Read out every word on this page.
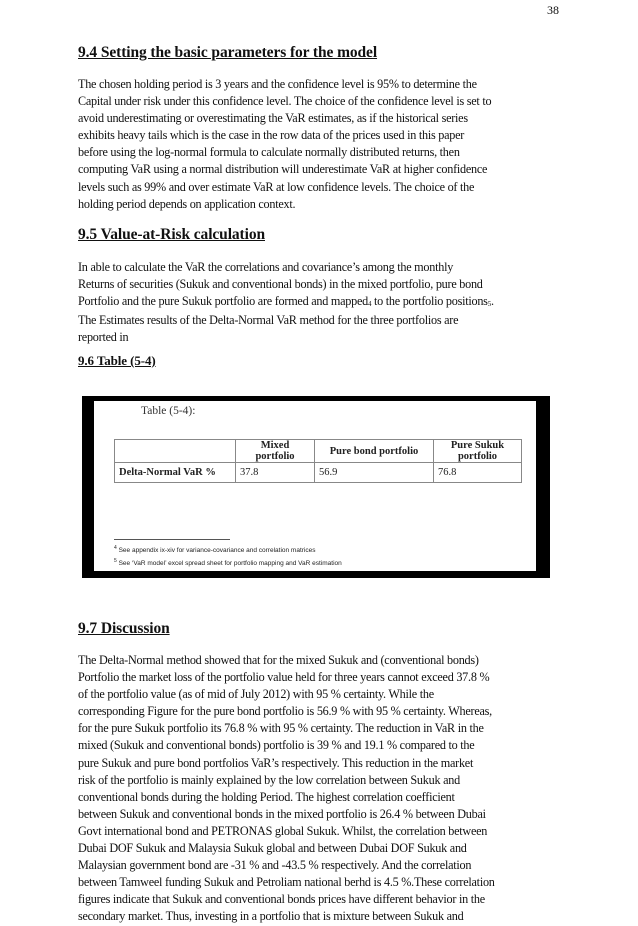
38
9.4 Setting the basic parameters for the model
The chosen holding period is 3 years and the confidence level is 95% to determine the
Capital under risk under this confidence level. The choice of the confidence level is set to
avoid underestimating or overestimating the VaR estimates, as if the historical series
exhibits heavy tails which is the case in the row data of the prices used in this paper
before using the log-normal formula to calculate normally distributed returns, then
computing VaR using a normal distribution will underestimate VaR at higher confidence
levels such as 99% and over estimate VaR at low confidence levels. The choice of the
holding period depends on application context.
9.5 Value-at-Risk calculation
In able to calculate the VaR the correlations and covariance’s among the monthly
Returns of securities (Sukuk and conventional bonds) in the mixed portfolio, pure bond
Portfolio and the pure Sukuk portfolio are formed and mapped$^4$ to the portfolio positions$^5$.
The Estimates results of the Delta-Normal VaR method for the three portfolios are
reported in
9.6 Table (5-4)
Table (5-4):
	Mixed portfolio	Pure bond portfolio	Pure Sukuk portfolio
Delta-Normal VaR %	37.8	56.9	76.8
$^4$ See appendix ix-xiv for variance-covariance and correlation matrices
$^5$ See ‘VaR model’ excel spread sheet for portfolio mapping and VaR estimation
9.7 Discussion
The Delta-Normal method showed that for the mixed Sukuk and (conventional bonds)
Portfolio the market loss of the portfolio value held for three years cannot exceed 37.8 %
of the portfolio value (as of mid of July 2012) with 95 % certainty. While the
corresponding Figure for the pure bond portfolio is 56.9 % with 95 % certainty. Whereas,
for the pure Sukuk portfolio its 76.8 % with 95 % certainty. The reduction in VaR in the
mixed (Sukuk and conventional bonds) portfolio is 39 % and 19.1 % compared to the
pure Sukuk and pure bond portfolios VaR’s respectively. This reduction in the market
risk of the portfolio is mainly explained by the low correlation between Sukuk and
conventional bonds during the holding Period. The highest correlation coefficient
between Sukuk and conventional bonds in the mixed portfolio is 26.4 % between Dubai
Govt international bond and PETRONAS global Sukuk. Whilst, the correlation between
Dubai DOF Sukuk and Malaysia Sukuk global and between Dubai DOF Sukuk and
Malaysian government bond are -31 % and -43.5 % respectively. And the correlation
between Tamweel funding Sukuk and Petroliam national berhd is 4.5 %.These correlation
figures indicate that Sukuk and conventional bonds prices have different behavior in the
secondary market. Thus, investing in a portfolio that is mixture between Sukuk and
